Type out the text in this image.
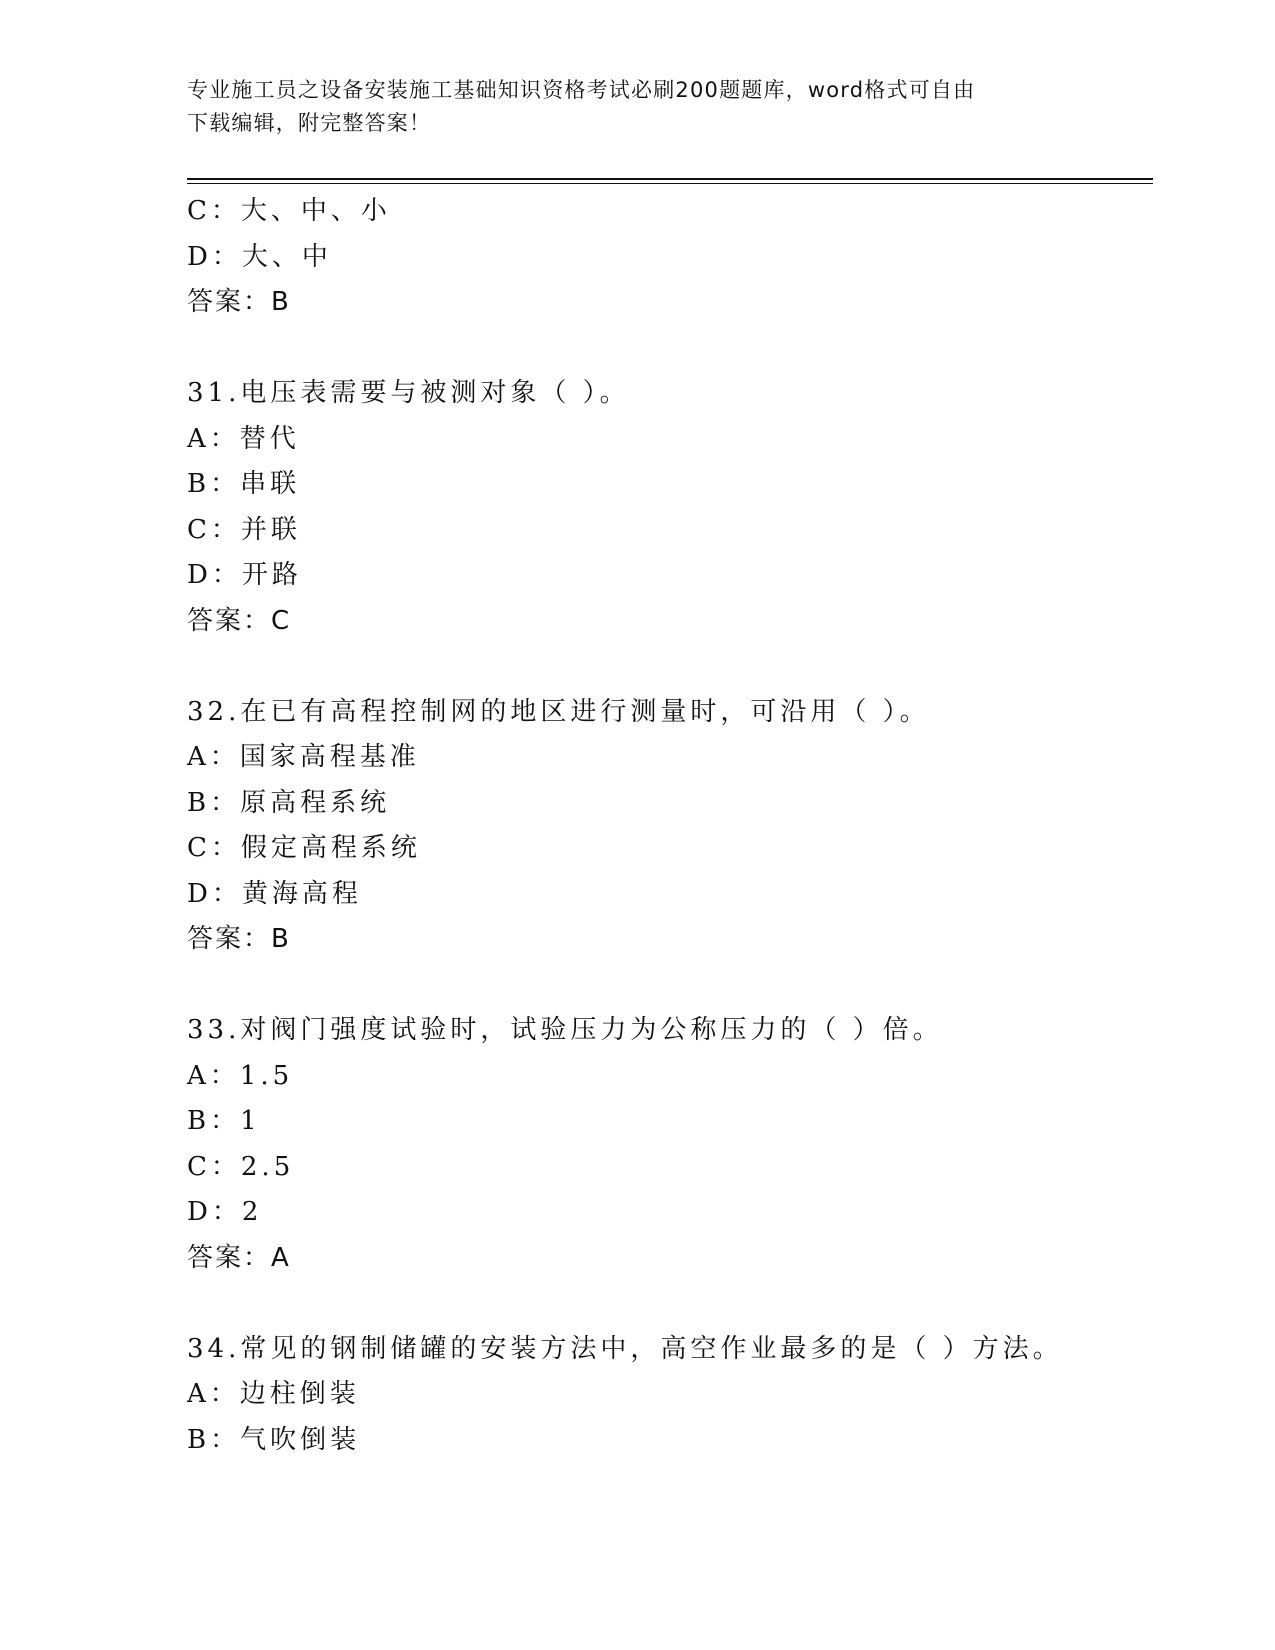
专业施工员之设备安装施工基础知识资格考试必刷200题题库，word格式可自由
下载编辑，附完整答案！
C：大、中、小
D：大、中
答案：B
31.电压表需要与被测对象（ ）。
A：替代
B：串联
C：并联
D：开路
答案：C
32.在已有高程控制网的地区进行测量时，可沿用（ ）。
A：国家高程基准
B：原高程系统
C：假定高程系统
D：黄海高程
答案：B
33.对阀门强度试验时，试验压力为公称压力的（ ）倍。
A：1.5
B：1
C：2.5
D：2
答案：A
34.常见的钢制储罐的安装方法中，高空作业最多的是（ ）方法。
A：边柱倒装
B：气吹倒装
